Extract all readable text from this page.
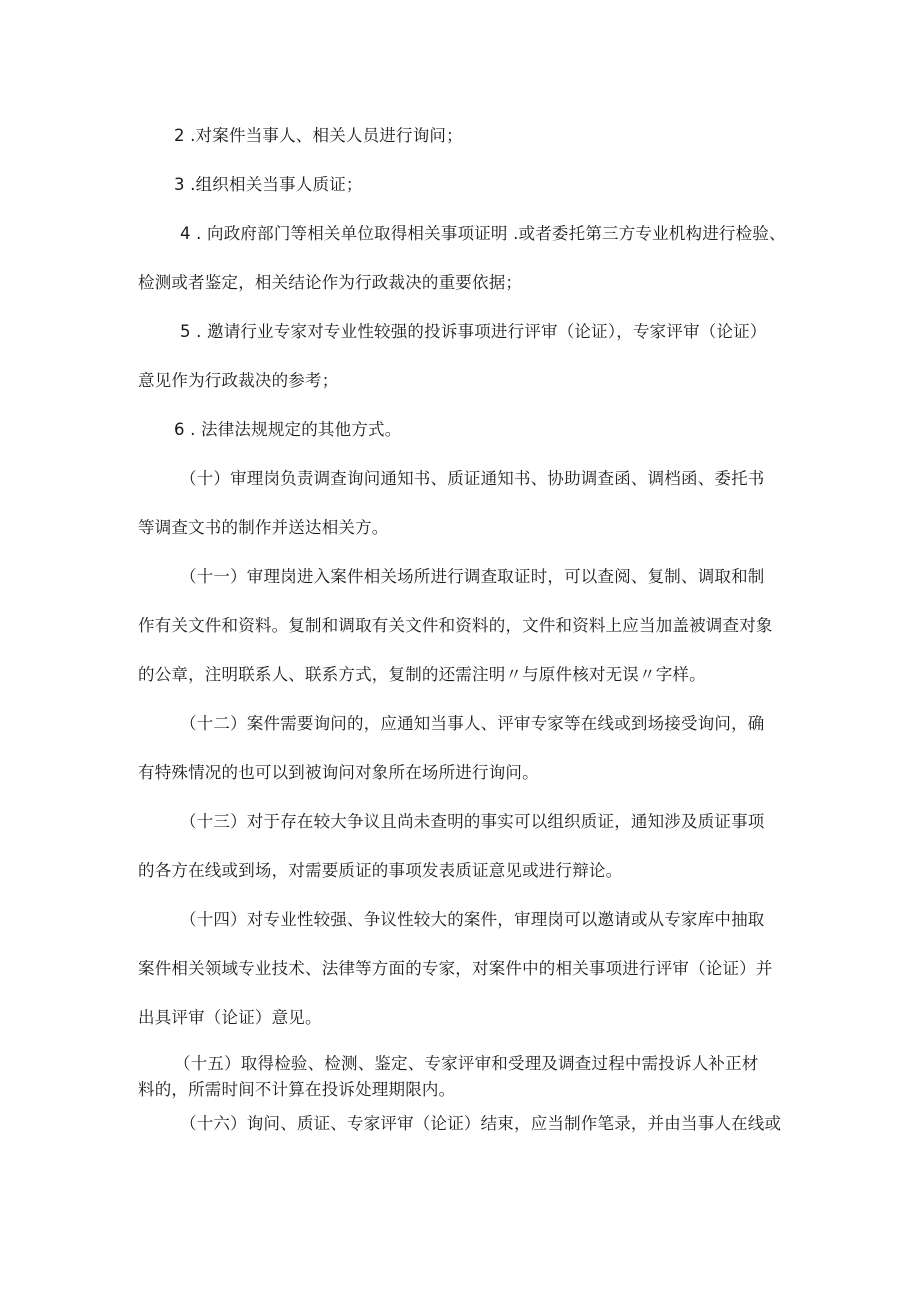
2 .对案件当事人、相关人员进行询问；
3 .组织相关当事人质证；
4 . 向政府部门等相关单位取得相关事项证明 .或者委托第三方专业机构进行检验、
检测或者鉴定，相关结论作为行政裁决的重要依据；
5 . 邀请行业专家对专业性较强的投诉事项进行评审（论证），专家评审（论证）
意见作为行政裁决的参考；
6 . 法律法规规定的其他方式。
（十）审理岗负责调查询问通知书、质证通知书、协助调查函、调档函、委托书
等调查文书的制作并送达相关方。
（十一）审理岗进入案件相关场所进行调查取证时，可以查阅、复制、调取和制
作有关文件和资料。复制和调取有关文件和资料的，文件和资料上应当加盖被调查对象
的公章，注明联系人、联系方式，复制的还需注明〃与原件核对无误〃字样。
（十二）案件需要询问的，应通知当事人、评审专家等在线或到场接受询问，确
有特殊情况的也可以到被询问对象所在场所进行询问。
（十三）对于存在较大争议且尚未查明的事实可以组织质证，通知涉及质证事项
的各方在线或到场，对需要质证的事项发表质证意见或进行辩论。
（十四）对专业性较强、争议性较大的案件，审理岗可以邀请或从专家库中抽取
案件相关领域专业技术、法律等方面的专家，对案件中的相关事项进行评审（论证）并
出具评审（论证）意见。
（十五）取得检验、检测、鉴定、专家评审和受理及调查过程中需投诉人补正材
料的，所需时间不计算在投诉处理期限内。
（十六）询问、质证、专家评审（论证）结束，应当制作笔录，并由当事人在线或
